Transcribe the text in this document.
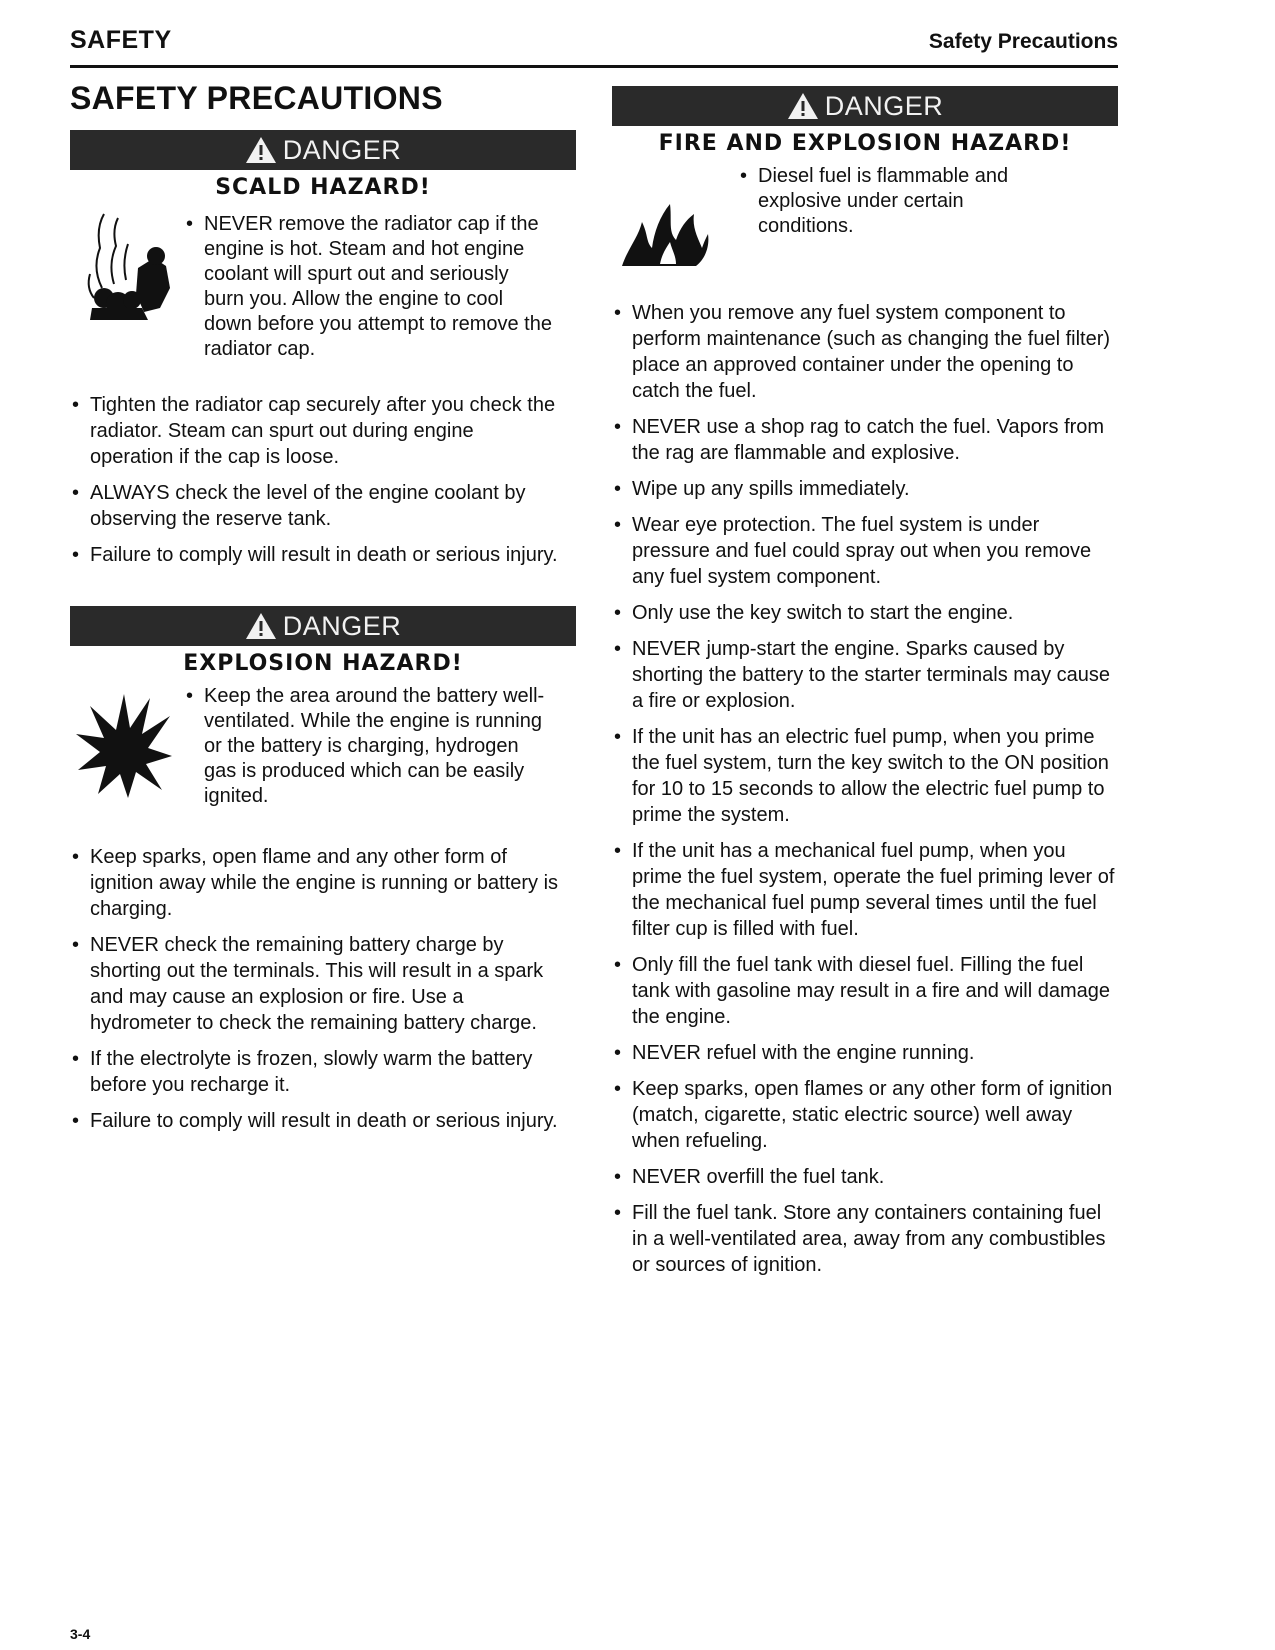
SAFETY	Safety Precautions
SAFETY PRECAUTIONS
DANGER
SCALD HAZARD!
• NEVER remove the radiator cap if the engine is hot. Steam and hot engine coolant will spurt out and seriously burn you. Allow the engine to cool down before you attempt to remove the radiator cap.
• Tighten the radiator cap securely after you check the radiator. Steam can spurt out during engine operation if the cap is loose.
• ALWAYS check the level of the engine coolant by observing the reserve tank.
• Failure to comply will result in death or serious injury.
DANGER
EXPLOSION HAZARD!
• Keep the area around the battery well-ventilated. While the engine is running or the battery is charging, hydrogen gas is produced which can be easily ignited.
• Keep sparks, open flame and any other form of ignition away while the engine is running or battery is charging.
• NEVER check the remaining battery charge by shorting out the terminals. This will result in a spark and may cause an explosion or fire. Use a hydrometer to check the remaining battery charge.
• If the electrolyte is frozen, slowly warm the battery before you recharge it.
• Failure to comply will result in death or serious injury.
DANGER
FIRE AND EXPLOSION HAZARD!
• Diesel fuel is flammable and explosive under certain conditions.
• When you remove any fuel system component to perform maintenance (such as changing the fuel filter) place an approved container under the opening to catch the fuel.
• NEVER use a shop rag to catch the fuel. Vapors from the rag are flammable and explosive.
• Wipe up any spills immediately.
• Wear eye protection. The fuel system is under pressure and fuel could spray out when you remove any fuel system component.
• Only use the key switch to start the engine.
• NEVER jump-start the engine. Sparks caused by shorting the battery to the starter terminals may cause a fire or explosion.
• If the unit has an electric fuel pump, when you prime the fuel system, turn the key switch to the ON position for 10 to 15 seconds to allow the electric fuel pump to prime the system.
• If the unit has a mechanical fuel pump, when you prime the fuel system, operate the fuel priming lever of the mechanical fuel pump several times until the fuel filter cup is filled with fuel.
• Only fill the fuel tank with diesel fuel. Filling the fuel tank with gasoline may result in a fire and will damage the engine.
• NEVER refuel with the engine running.
• Keep sparks, open flames or any other form of ignition (match, cigarette, static electric source) well away when refueling.
• NEVER overfill the fuel tank.
• Fill the fuel tank. Store any containers containing fuel in a well-ventilated area, away from any combustibles or sources of ignition.
3-4
